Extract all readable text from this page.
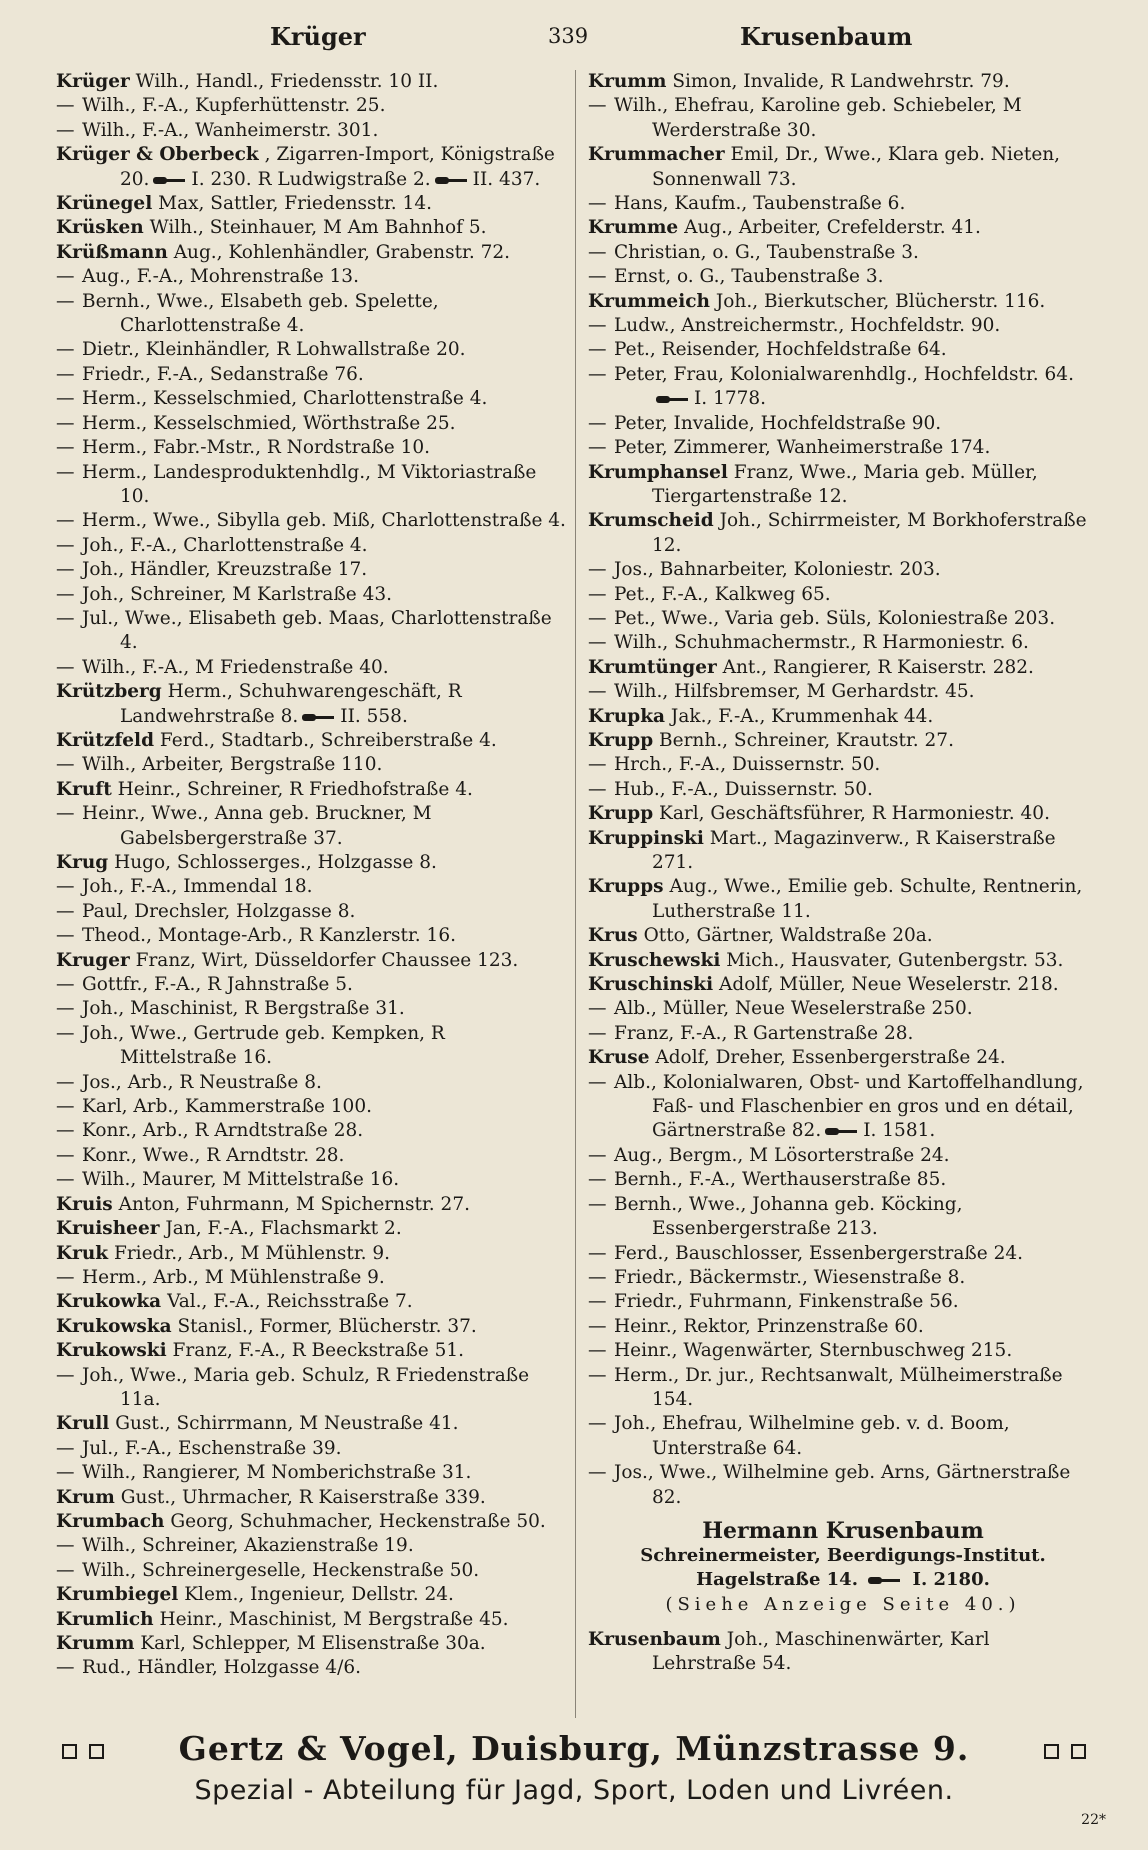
Krüger	339	Krusenbaum
Krüger Wilh., Handl., Friedensstr. 10 II.
— Wilh., F.-A., Kupferhüttenstr. 25.
— Wilh., F.-A., Wanheimerstr. 301.
Krüger & Oberbeck , Zigarren-Import, Königstraße 20. I. 230. R Ludwigstraße 2. II. 437.
Krünegel Max, Sattler, Friedensstr. 14.
Krüsken Wilh., Steinhauer, M Am Bahnhof 5.
Krüßmann Aug., Kohlenhändler, Grabenstr. 72.
— Aug., F.-A., Mohrenstraße 13.
— Bernh., Wwe., Elsabeth geb. Spelette, Charlottenstraße 4.
— Dietr., Kleinhändler, R Lohwallstraße 20.
— Friedr., F.-A., Sedanstraße 76.
— Herm., Kesselschmied, Charlottenstraße 4.
— Herm., Kesselschmied, Wörthstraße 25.
— Herm., Fabr.-Mstr., R Nordstraße 10.
— Herm., Landesproduktenhdlg., M Viktoriastraße 10.
— Herm., Wwe., Sibylla geb. Miß, Charlottenstraße 4.
— Joh., F.-A., Charlottenstraße 4.
— Joh., Händler, Kreuzstraße 17.
— Joh., Schreiner, M Karlstraße 43.
— Jul., Wwe., Elisabeth geb. Maas, Charlottenstraße 4.
— Wilh., F.-A., M Friedenstraße 40.
Krützberg Herm., Schuhwarengeschäft, R Landwehrstraße 8. II. 558.
Krützfeld Ferd., Stadtarb., Schreiberstraße 4.
— Wilh., Arbeiter, Bergstraße 110.
Kruft Heinr., Schreiner, R Friedhofstraße 4.
— Heinr., Wwe., Anna geb. Bruckner, M Gabelsbergerstraße 37.
Krug Hugo, Schlosserges., Holzgasse 8.
— Joh., F.-A., Immendal 18.
— Paul, Drechsler, Holzgasse 8.
— Theod., Montage-Arb., R Kanzlerstr. 16.
Kruger Franz, Wirt, Düsseldorfer Chaussee 123.
— Gottfr., F.-A., R Jahnstraße 5.
— Joh., Maschinist, R Bergstraße 31.
— Joh., Wwe., Gertrude geb. Kempken, R Mittelstraße 16.
— Jos., Arb., R Neustraße 8.
— Karl, Arb., Kammerstraße 100.
— Konr., Arb., R Arndtstraße 28.
— Konr., Wwe., R Arndtstr. 28.
— Wilh., Maurer, M Mittelstraße 16.
Kruis Anton, Fuhrmann, M Spichernstr. 27.
Kruisheer Jan, F.-A., Flachsmarkt 2.
Kruk Friedr., Arb., M Mühlenstr. 9.
— Herm., Arb., M Mühlenstraße 9.
Krukowka Val., F.-A., Reichsstraße 7.
Krukowska Stanisl., Former, Blücherstr. 37.
Krukowski Franz, F.-A., R Beeckstraße 51.
— Joh., Wwe., Maria geb. Schulz, R Friedenstraße 11a.
Krull Gust., Schirrmann, M Neustraße 41.
— Jul., F.-A., Eschenstraße 39.
— Wilh., Rangierer, M Nomberichstraße 31.
Krum Gust., Uhrmacher, R Kaiserstraße 339.
Krumbach Georg, Schuhmacher, Heckenstraße 50.
— Wilh., Schreiner, Akazienstraße 19.
— Wilh., Schreinergeselle, Heckenstraße 50.
Krumbiegel Klem., Ingenieur, Dellstr. 24.
Krumlich Heinr., Maschinist, M Bergstraße 45.
Krumm Karl, Schlepper, M Elisenstraße 30a.
— Rud., Händler, Holzgasse 4/6.
Krumm Simon, Invalide, R Landwehrstr. 79.
— Wilh., Ehefrau, Karoline geb. Schiebeler, M Werderstraße 30.
Krummacher Emil, Dr., Wwe., Klara geb. Nieten, Sonnenwall 73.
— Hans, Kaufm., Taubenstraße 6.
Krumme Aug., Arbeiter, Crefelderstr. 41.
— Christian, o. G., Taubenstraße 3.
— Ernst, o. G., Taubenstraße 3.
Krummeich Joh., Bierkutscher, Blücherstr. 116.
— Ludw., Anstreichermstr., Hochfeldstr. 90.
— Pet., Reisender, Hochfeldstraße 64.
— Peter, Frau, Kolonialwarenhdlg., Hochfeldstr. 64.I. 1778.
— Peter, Invalide, Hochfeldstraße 90.
— Peter, Zimmerer, Wanheimerstraße 174.
Krumphansel Franz, Wwe., Maria geb. Müller, Tiergartenstraße 12.
Krumscheid Joh., Schirrmeister, M Borkhoferstraße 12.
— Jos., Bahnarbeiter, Koloniestr. 203.
— Pet., F.-A., Kalkweg 65.
— Pet., Wwe., Varia geb. Süls, Koloniestraße 203.
— Wilh., Schuhmachermstr., R Harmoniestr. 6.
Krumtünger Ant., Rangierer, R Kaiserstr. 282.
— Wilh., Hilfsbremser, M Gerhardstr. 45.
Krupka Jak., F.-A., Krummenhak 44.
Krupp Bernh., Schreiner, Krautstr. 27.
— Hrch., F.-A., Duissernstr. 50.
— Hub., F.-A., Duissernstr. 50.
Krupp Karl, Geschäftsführer, R Harmoniestr. 40.
Kruppinski Mart., Magazinverw., R Kaiserstraße 271.
Krupps Aug., Wwe., Emilie geb. Schulte, Rentnerin, Lutherstraße 11.
Krus Otto, Gärtner, Waldstraße 20a.
Kruschewski Mich., Hausvater, Gutenbergstr. 53.
Kruschinski Adolf, Müller, Neue Weselerstr. 218.
— Alb., Müller, Neue Weselerstraße 250.
— Franz, F.-A., R Gartenstraße 28.
Kruse Adolf, Dreher, Essenbergerstraße 24.
— Alb., Kolonialwaren, Obst- und Kartoffelhandlung, Faß- und Flaschenbier en gros und en détail, Gärtnerstraße 82. I. 1581.
— Aug., Bergm., M Lösorterstraße 24.
— Bernh., F.-A., Werthauserstraße 85.
— Bernh., Wwe., Johanna geb. Köcking, Essenbergerstraße 213.
— Ferd., Bauschlosser, Essenbergerstraße 24.
— Friedr., Bäckermstr., Wiesenstraße 8.
— Friedr., Fuhrmann, Finkenstraße 56.
— Heinr., Rektor, Prinzenstraße 60.
— Heinr., Wagenwärter, Sternbuschweg 215.
— Herm., Dr. jur., Rechtsanwalt, Mülheimerstraße 154.
— Joh., Ehefrau, Wilhelmine geb. v. d. Boom, Unterstraße 64.
— Jos., Wwe., Wilhelmine geb. Arns, Gärtnerstraße 82.
Hermann Krusenbaum
Schreinermeister, Beerdigungs-Institut.
Hagelstraße 14.	I. 2180.
(Siehe Anzeige Seite 40.)
Krusenbaum Joh., Maschinenwärter, Karl Lehrstraße 54.
Gertz & Vogel, Duisburg, Münzstrasse 9.
Spezial - Abteilung für Jagd, Sport, Loden und Livréen.
22*
